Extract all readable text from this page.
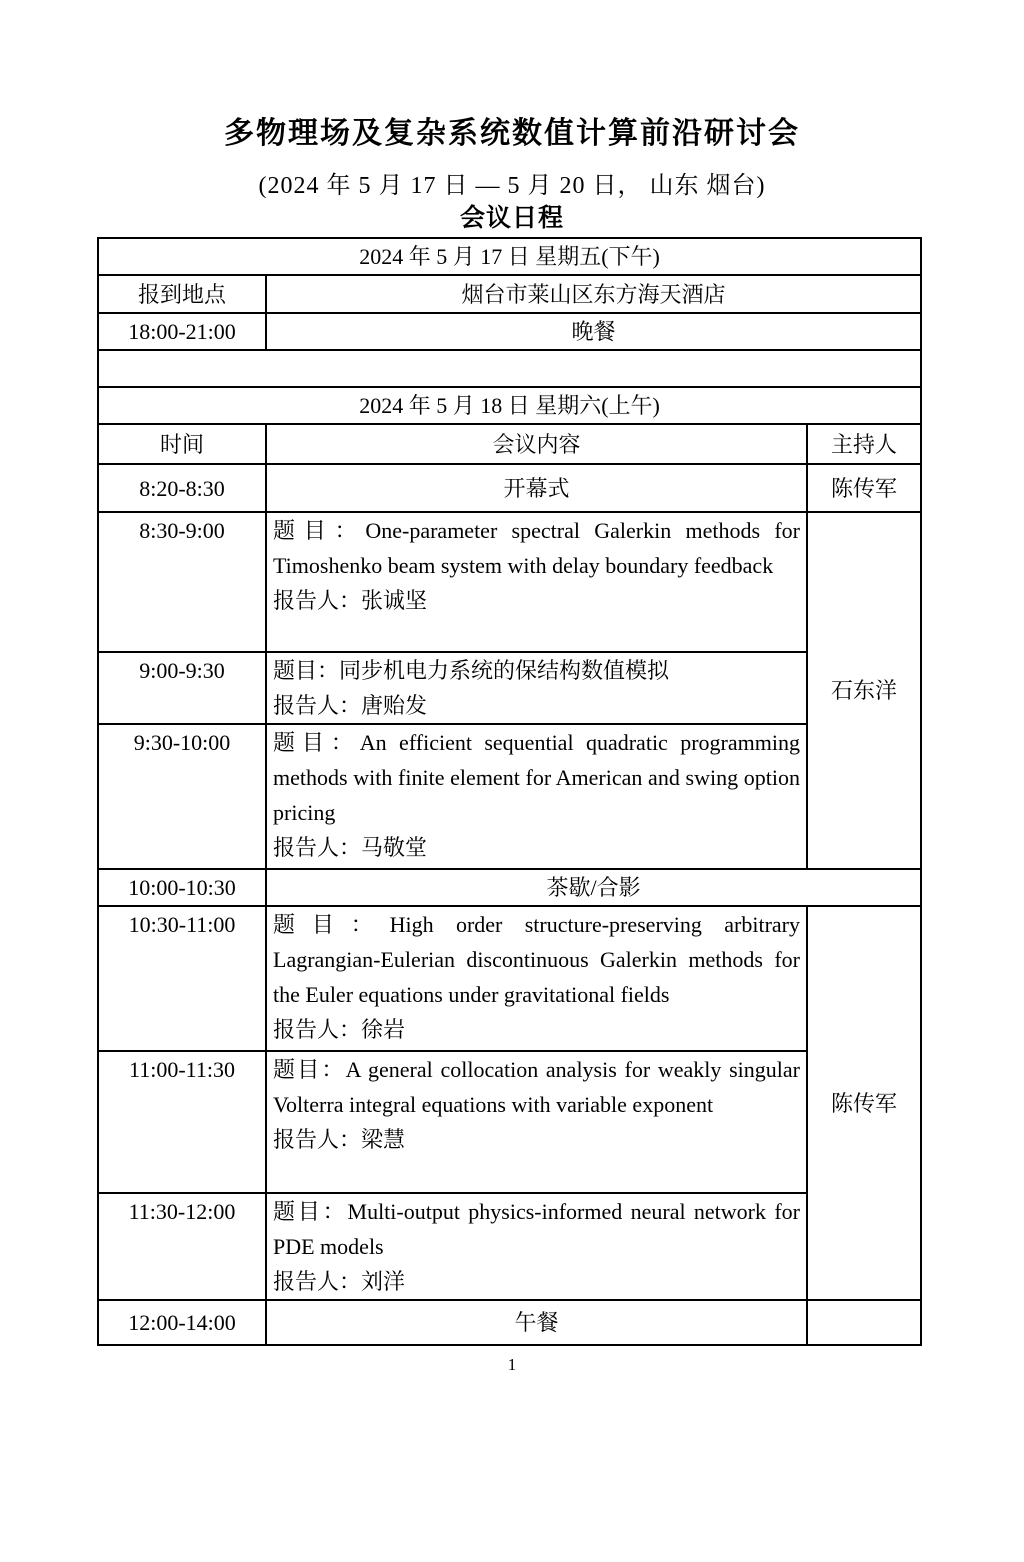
多物理场及复杂系统数值计算前沿研讨会
(2024 年 5 月 17 日 — 5 月 20 日， 山东 烟台)
会议日程
2024 年 5 月 17 日 星期五(下午)		
报到地点	烟台市莱山区东方海天酒店	
18:00-21:00	晚餐	

2024 年 5 月 18 日 星期六(上午)		
时间	会议内容	主持人
8:20-8:30	开幕式	陈传军
8:30-9:00	题目：One-parameter spectral Galerkin methods for Timoshenko beam system with delay boundary feedback
报告人：张诚坚	石东洋
9:00-9:30	题目：同步机电力系统的保结构数值模拟
报告人：唐贻发	

9:30-10:00	题目：An efficient sequential quadratic programming methods with finite element for American and swing option pricing
报告人：马敬堂	

10:00-10:30	茶歇/合影	
10:30-11:00	题目：High order structure-preserving arbitrary Lagrangian-Eulerian discontinuous Galerkin methods for the Euler equations under gravitational fields
报告人：徐岩	陈传军
11:00-11:30	题目：A general collocation analysis for weakly singular Volterra integral equations with variable exponent
报告人：梁慧	

11:30-12:00	题目：Multi-output physics-informed neural network for PDE models
报告人：刘洋	

12:00-14:00	午餐	
1
